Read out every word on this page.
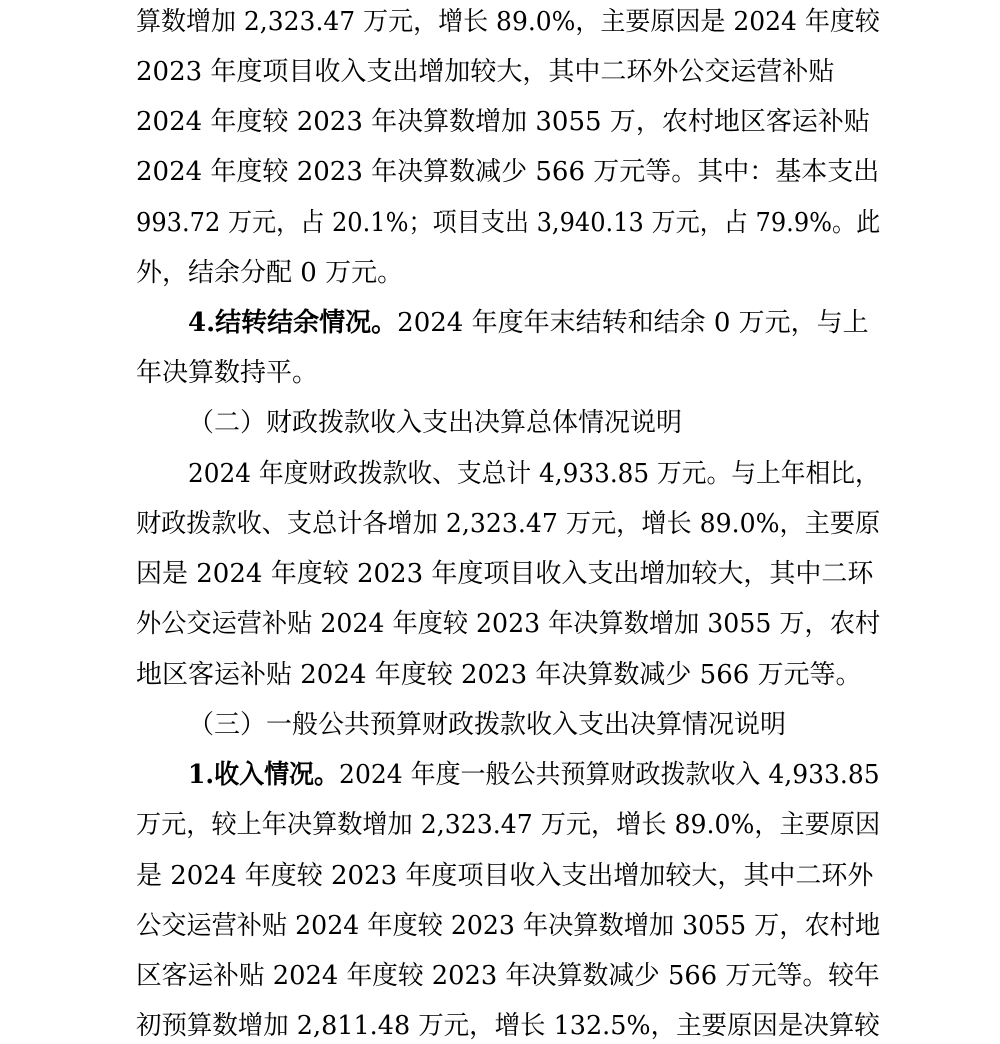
算数增加 2,323.47 万元，增长 89.0%，主要原因是 2024 年度较
2023 年度项目收入支出增加较大，其中二环外公交运营补贴
2024 年度较 2023 年决算数增加 3055 万，农村地区客运补贴
2024 年度较 2023 年决算数减少 566 万元等。其中：基本支出
993.72 万元，占 20.1%；项目支出 3,940.13 万元，占 79.9%。此
外，结余分配 0 万元。
4.结转结余情况。2024 年度年末结转和结余 0 万元，与上
年决算数持平。
（二）财政拨款收入支出决算总体情况说明
2024 年度财政拨款收、支总计 4,933.85 万元。与上年相比，
财政拨款收、支总计各增加 2,323.47 万元，增长 89.0%，主要原
因是 2024 年度较 2023 年度项目收入支出增加较大，其中二环
外公交运营补贴 2024 年度较 2023 年决算数增加 3055 万，农村
地区客运补贴 2024 年度较 2023 年决算数减少 566 万元等。
（三）一般公共预算财政拨款收入支出决算情况说明
1.收入情况。2024 年度一般公共预算财政拨款收入 4,933.85
万元，较上年决算数增加 2,323.47 万元，增长 89.0%，主要原因
是 2024 年度较 2023 年度项目收入支出增加较大，其中二环外
公交运营补贴 2024 年度较 2023 年决算数增加 3055 万，农村地
区客运补贴 2024 年度较 2023 年决算数减少 566 万元等。较年
初预算数增加 2,811.48 万元，增长 132.5%，主要原因是决算较
